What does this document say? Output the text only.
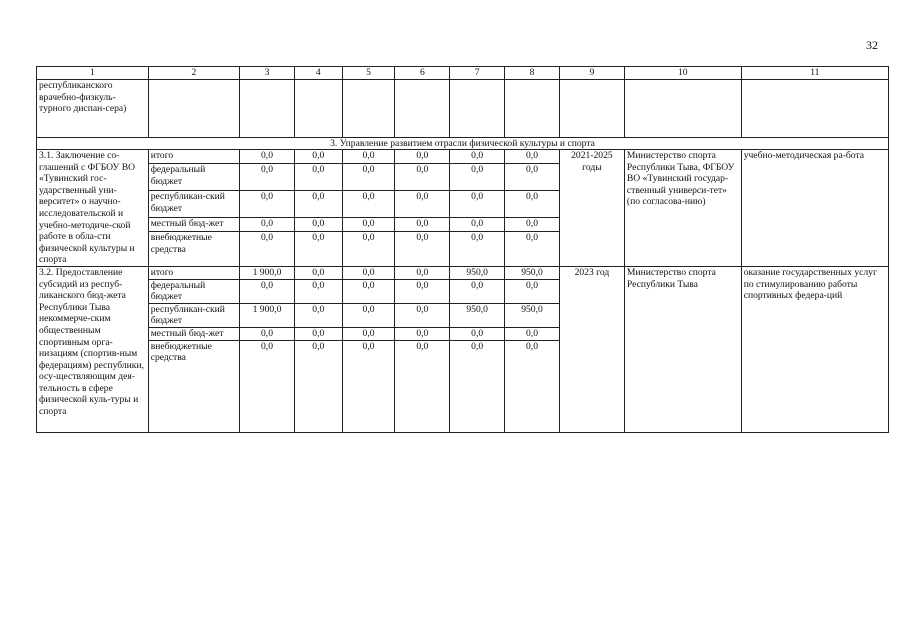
32
1	2	3	4	5	6	7	8	9	10	11
республиканского врачебно-физкуль-турного диспан-сера)										
3. Управление развитием отрасли физической культуры и спорта										
3.1. Заключение со-глашений с ФГБОУ ВО «Тувинский гос-ударственный уни-верситет» о научно-исследовательской и учебно-методиче-ской работе в обла-сти физической культуры и спорта	итого	0,0	0,0	0,0	0,0	0,0	0,0	2021-2025 годы	Министерство спорта Республики Тыва, ФГБОУ ВО «Тувинский государ-ственный универси-тет» (по согласова-нию)	учебно-методическая ра-бота
	федеральный бюджет	0,0	0,0	0,0	0,0	0,0	0,0			
	республикан-ский бюджет	0,0	0,0	0,0	0,0	0,0	0,0			
	местный бюд-жет	0,0	0,0	0,0	0,0	0,0	0,0			
	внебюджетные средства	0,0	0,0	0,0	0,0	0,0	0,0			
3.2. Предоставление субсидий из респуб-ликанского бюд-жета Республики Тыва некоммерче-ским общественным спортивным орга-низациям (спортив-ным федерациям) республики, осу-ществляющим дея-тельность в сфере физической куль-туры и спорта	итого	1 900,0	0,0	0,0	0,0	950,0	950,0	2023 год	Министерство спорта Республики Тыва	оказание государственных услуг по стимулированию работы спортивных федера-ций
	федеральный бюджет	0,0	0,0	0,0	0,0	0,0	0,0			
	республикан-ский бюджет	1 900,0	0,0	0,0	0,0	950,0	950,0			
	местный бюд-жет	0,0	0,0	0,0	0,0	0,0	0,0			
	внебюджетные средства	0,0	0,0	0,0	0,0	0,0	0,0			
